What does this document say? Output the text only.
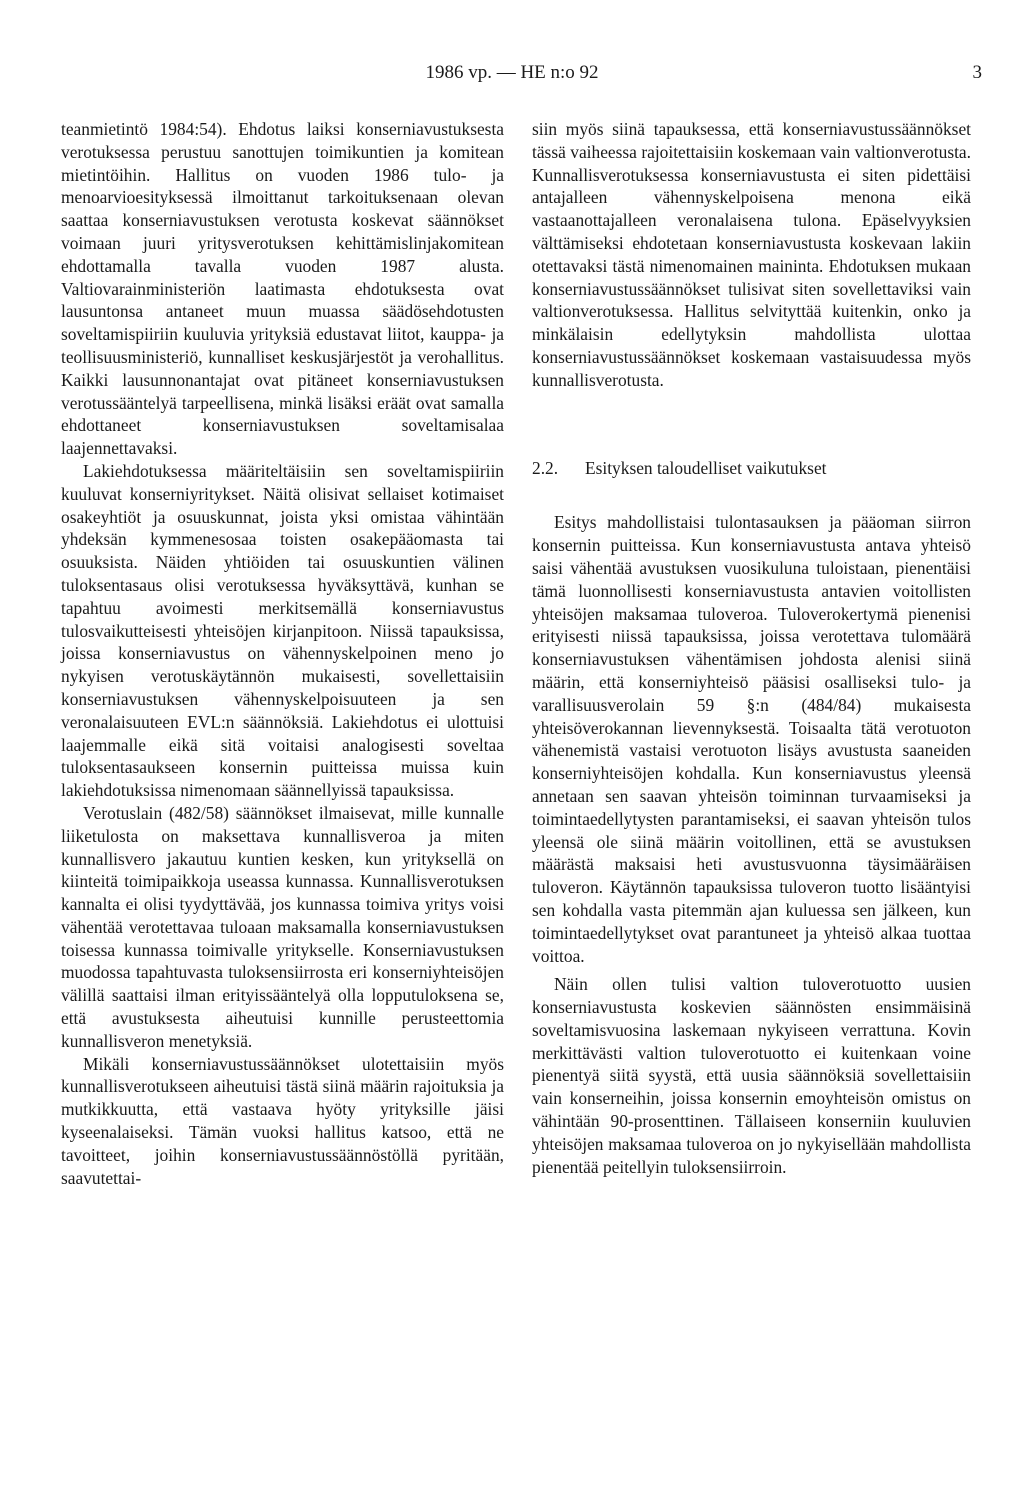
1986 vp. — HE n:o 92	3

teanmietintö 1984:54). Ehdotus laiksi konserniavustuksesta verotuksessa perustuu sanottujen toimikuntien ja komitean mietintöihin. Hallitus on vuoden 1986 tulo- ja menoarvioesityksessä ilmoittanut tarkoituksenaan olevan saattaa konserniavustuksen verotusta koskevat säännökset voimaan juuri yritysverotuksen kehittämislinjakomitean ehdottamalla tavalla vuoden 1987 alusta. Valtiovarainministeriön laatimasta ehdotuksesta ovat lausuntonsa antaneet muun muassa säädösehdotusten soveltamispiiriin kuuluvia yrityksiä edustavat liitot, kauppa- ja teollisuusministeriö, kunnalliset keskusjärjestöt ja verohallitus. Kaikki lausunnonantajat ovat pitäneet konserniavustuksen verotussääntelyä tarpeellisena, minkä lisäksi eräät ovat samalla ehdottaneet konserniavustuksen soveltamisalaa laajennettavaksi.

Lakiehdotuksessa määriteltäisiin sen soveltamispiiriin kuuluvat konserniyritykset. Näitä olisivat sellaiset kotimaiset osakeyhtiöt ja osuuskunnat, joista yksi omistaa vähintään yhdeksän kymmenesosaa toisten osakepääomasta tai osuuksista. Näiden yhtiöiden tai osuuskuntien välinen tuloksentasaus olisi verotuksessa hyväksyttävä, kunhan se tapahtuu avoimesti merkitsemällä konserniavustus tulosvaikutteisesti yhteisöjen kirjanpitoon. Niissä tapauksissa, joissa konserniavustus on vähennyskelpoinen meno jo nykyisen verotuskäytännön mukaisesti, sovellettaisiin konserniavustuksen vähennyskelpoisuuteen ja sen veronalaisuuteen EVL:n säännöksiä. Lakiehdotus ei ulottuisi laajemmalle eikä sitä voitaisi analogisesti soveltaa tuloksentasaukseen konsernin puitteissa muissa kuin lakiehdotuksissa nimenomaan säännellyissä tapauksissa.

Verotuslain (482/58) säännökset ilmaisevat, mille kunnalle liiketulosta on maksettava kunnallisveroa ja miten kunnallisvero jakautuu kuntien kesken, kun yrityksellä on kiinteitä toimipaikkoja useassa kunnassa. Kunnallisverotuksen kannalta ei olisi tyydyttävää, jos kunnassa toimiva yritys voisi vähentää verotettavaa tuloaan maksamalla konserniavustuksen toisessa kunnassa toimivalle yritykselle. Konserniavustuksen muodossa tapahtuvasta tuloksensiirrosta eri konserniyhteisöjen välillä saattaisi ilman erityissääntelyä olla lopputuloksena se, että avustuksesta aiheutuisi kunnille perusteettomia kunnallisveron menetyksiä.

Mikäli konserniavustussäännökset ulotettaisiin myös kunnallisverotukseen aiheutuisi tästä siinä määrin rajoituksia ja mutkikkuutta, että vastaava hyöty yrityksille jäisi kyseenalaiseksi. Tämän vuoksi hallitus katsoo, että ne tavoitteet, joihin konserniavustussäännöstöllä pyritään, saavutettai-

siin myös siinä tapauksessa, että konserniavustussäännökset tässä vaiheessa rajoitettaisiin koskemaan vain valtionverotusta. Kunnallisverotuksessa konserniavustusta ei siten pidettäisi antajalleen vähennyskelpoisena menona eikä vastaanottajalleen veronalaisena tulona. Epäselvyyksien välttämiseksi ehdotetaan konserniavustusta koskevaan lakiin otettavaksi tästä nimenomainen maininta. Ehdotuksen mukaan konserniavustussäännökset tulisivat siten sovellettaviksi vain valtionverotuksessa. Hallitus selvityttää kuitenkin, onko ja minkälaisin edellytyksin mahdollista ulottaa konserniavustussäännökset koskemaan vastaisuudessa myös kunnallisverotusta.

2.2. Esityksen taloudelliset vaikutukset

Esitys mahdollistaisi tulontasauksen ja pääoman siirron konsernin puitteissa. Kun konserniavustusta antava yhteisö saisi vähentää avustuksen vuosikuluna tuloistaan, pienentäisi tämä luonnollisesti konserniavustusta antavien voitollisten yhteisöjen maksamaa tuloveroa. Tuloverokertymä pienenisi erityisesti niissä tapauksissa, joissa verotettava tulomäärä konserniavustuksen vähentämisen johdosta alenisi siinä määrin, että konserniyhteisö pääsisi osalliseksi tulo- ja varallisuusverolain 59 §:n (484/84) mukaisesta yhteisöverokannan lievennyksestä. Toisaalta tätä verotuoton vähenemistä vastaisi verotuoton lisäys avustusta saaneiden konserniyhteisöjen kohdalla. Kun konserniavustus yleensä annetaan sen saavan yhteisön toiminnan turvaamiseksi ja toimintaedellytysten parantamiseksi, ei saavan yhteisön tulos yleensä ole siinä määrin voitollinen, että se avustuksen määrästä maksaisi heti avustusvuonna täysimääräisen tuloveron. Käytännön tapauksissa tuloveron tuotto lisääntyisi sen kohdalla vasta pitemmän ajan kuluessa sen jälkeen, kun toimintaedellytykset ovat parantuneet ja yhteisö alkaa tuottaa voittoa.

Näin ollen tulisi valtion tuloverotuotto uusien konserniavustusta koskevien säännösten ensimmäisinä soveltamisvuosina laskemaan nykyiseen verrattuna. Kovin merkittävästi valtion tuloverotuotto ei kuitenkaan voine pienentyä siitä syystä, että uusia säännöksiä sovellettaisiin vain konserneihin, joissa konsernin emoyhteisön omistus on vähintään 90-prosenttinen. Tällaiseen konserniin kuuluvien yhteisöjen maksamaa tuloveroa on jo nykyisellään mahdollista pienentää peitellyin tuloksensiirroin.
